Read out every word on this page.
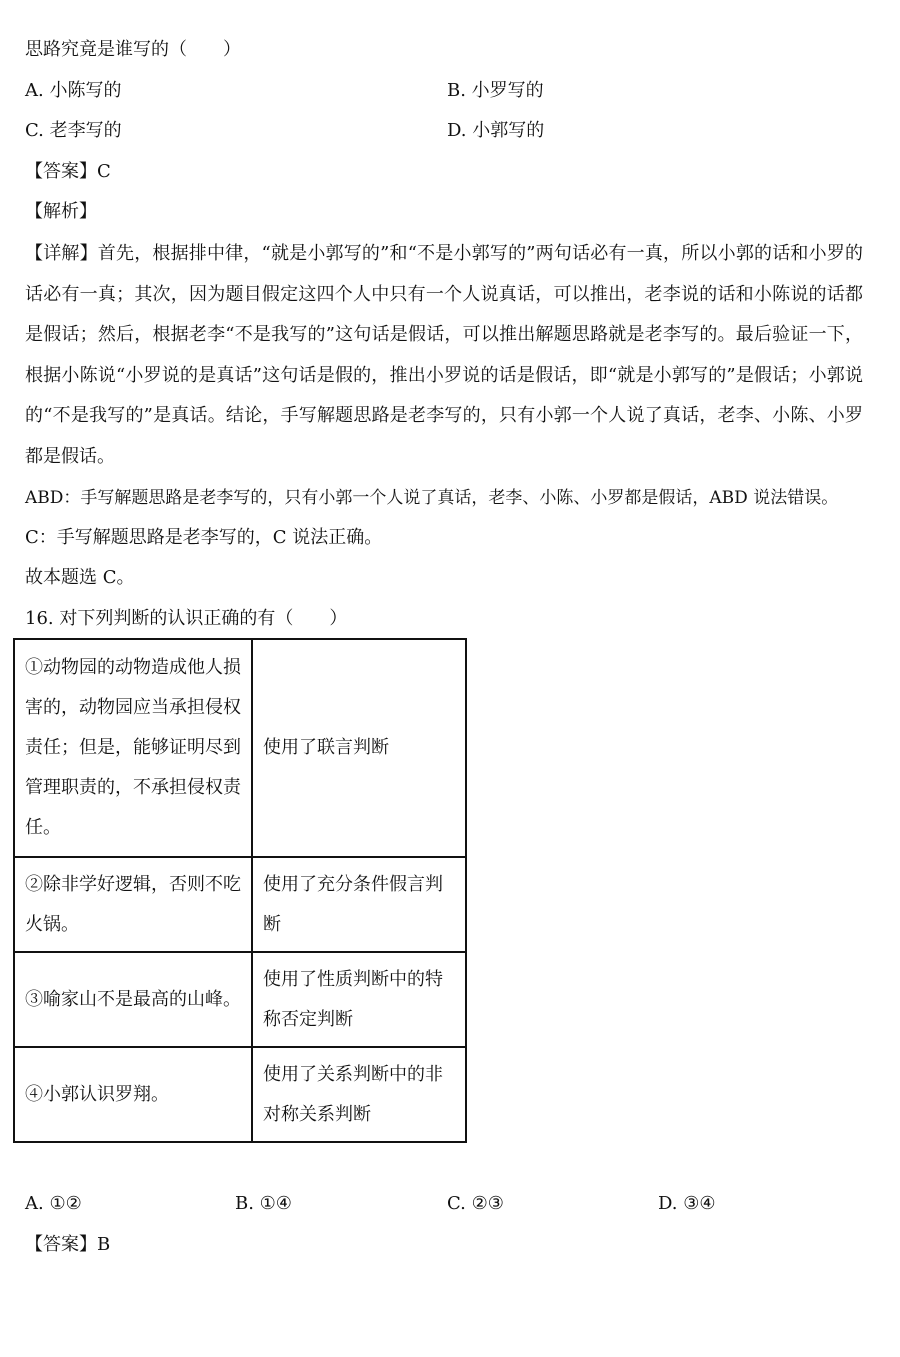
思路究竟是谁写的（　　）
A. 小陈写的	B. 小罗写的
C. 老李写的	D. 小郭写的
【答案】C
【解析】
【详解】首先，根据排中律，“就是小郭写的”和“不是小郭写的”两句话必有一真，所以小郭的话和小罗的话必有一真；其次，因为题目假定这四个人中只有一个人说真话，可以推出，老李说的话和小陈说的话都是假话；然后，根据老李“不是我写的”这句话是假话，可以推出解题思路就是老李写的。最后验证一下，根据小陈说“小罗说的是真话”这句话是假的，推出小罗说的话是假话，即“就是小郭写的”是假话；小郭说的“不是我写的”是真话。结论，手写解题思路是老李写的，只有小郭一个人说了真话，老李、小陈、小罗都是假话。
ABD：手写解题思路是老李写的，只有小郭一个人说了真话，老李、小陈、小罗都是假话，ABD 说法错误。
C：手写解题思路是老李写的，C 说法正确。
故本题选 C。
16. 对下列判断的认识正确的有（　　）
①动物园的动物造成他人损害的，动物园应当承担侵权责任；但是，能够证明尽到管理职责的，不承担侵权责任。	使用了联言判断
②除非学好逻辑，否则不吃火锅。	使用了充分条件假言判断
③喻家山不是最高的山峰。	使用了性质判断中的特称否定判断
④小郭认识罗翔。	使用了关系判断中的非对称关系判断
A. ①②	B. ①④	C. ②③	D. ③④
【答案】B
